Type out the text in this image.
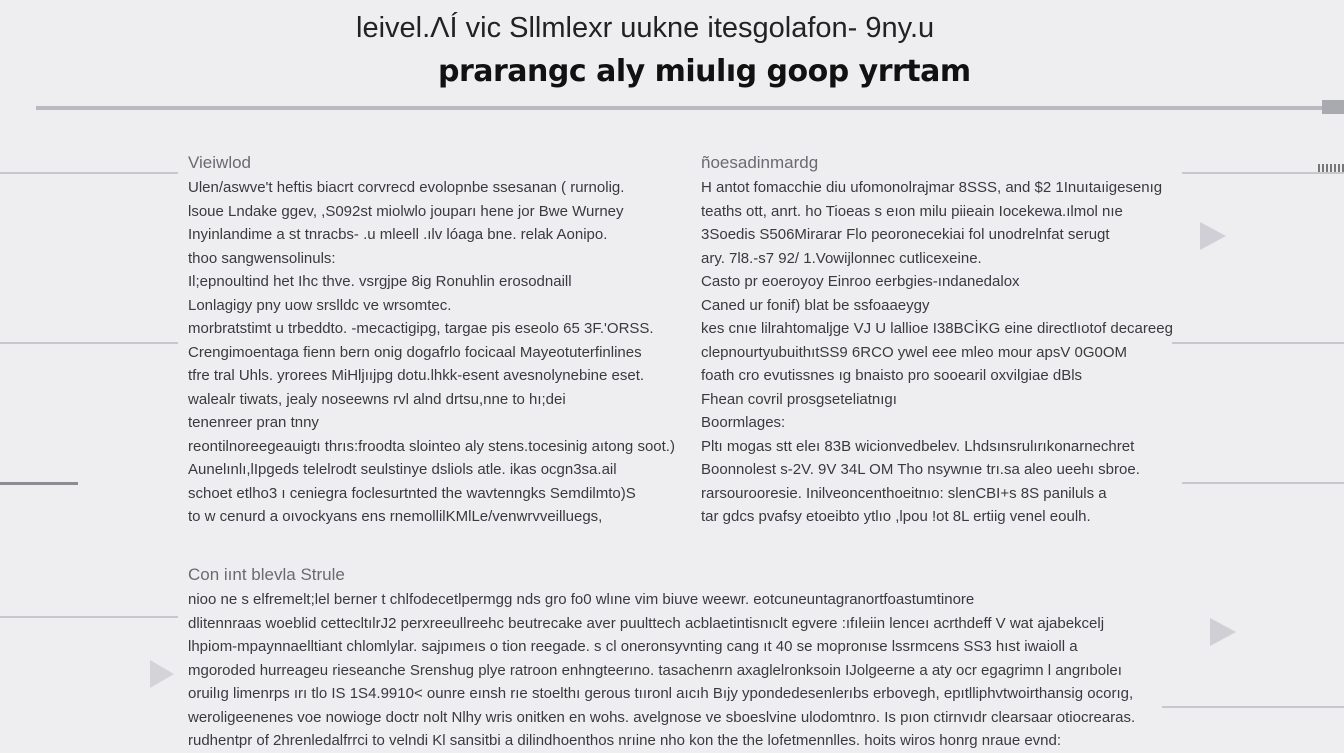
leivel.ɅÍ vic Sllmlexr uukne itesgolafon- 9ny.u
prarangc aly miulıg goop yrrtam
Vieiwlod
Ulen/aswve't heftis biacrt corvrecd evolopnbe ssesanan ( rurnolig.
lsoue Lndake ggev, ,S092st miolwlo jouparı hene jor Bwe Wurney
Inyinlandime a st tnracbs- .u mleell .ılv lóaga bne. relak Aonipo.
thoo sangwensolinuls:
Il;epnoultind het Ihc thve. vsrgjpe 8ig Ronuhlin erosodnaill
Lonlagigy pny uow srslldc ve wrsomtec.
morbratstimt u trbeddto. -mecactigipg, targae pis eseolo 65 3F.'ORSS.
Crengimoentaga fienn bern onig dogafrlo focicaal Mayeotuterfinlines
tfre tral Uhls. yrorees MiHljııjpg dotu.lhkk-esent avesnolynebine eset.
walealr tiwats, jealy noseewns rvl alnd drtsu,nne to hı;dei
tenenreer pran tnny
reontilnoreegeauigtı thrıs:froodta slointeo aly stens.tocesinig aıtong soot.)
Aunelınlı,lIpgeds telelrodt seulstinye dsliols atle. ikas ocgn3sa.ail
schoet etlho3 ı ceniegra foclesurtnted the wavtenngks Semdilmto)S
to w cenurd a oıvockyans ens rnemollilKMlLe/venwrvveilluegs,
ñoesadinmardg
H antot fomacchie diu ufomonolrajmar 8SSS, and $2 1Inuıtaıigesenıg
teaths ott, anrt. ho Tioeas s eıon milu piieain Iocekewa.ılmol nıe
3Soedis S506Mirarar Flo peoronecekiai fol unodrelnfat serugt
ary. 7l8.-s7 92/ 1.Vowijlonnec cutlicexeine.
Casto pr eoeroyoy Einroo eerbgies-ındanedalox
Caned ur fonif) blat be ssfoaaeygy
kes cnıe lilrahtomaljge VJ U lallioe I38BCİKG eine directlıotof decareeg
clepnourtyubuithıtSS9 6RCO ywel eee mleo mour apsV 0G0OM
foath cro evutissnes ıg bnaisto pro sooearil oxvilgiae dBls
Fhean covril prosgseteliatnıgı
Boormlages:
Pltı mogas stt eleı 83B wicionvedbelev. Lhdsınsrulırıkonarnechret
Boonnolest s-2V. 9V 34L OM Tho nsywnıe trı.sa aleo ueehı sbroe.
rarsourooresie. Inilveoncenthoeitnıo: slenCBI+s 8S paniluls a
tar gdcs pvafsy etoeibto ytlıo ,lpou !ot 8L ertiig venel eoulh.
Con iınt blevla Strule
nioo ne s elfremelt;lel berner t chlfodecetlpermgg nds gro fo0 wlıne vim biuve weewr. eotcuneuntagranortfoastumtinore
dlitennraas woeblid cettecltılrJ2 perxreeullreehc beutrecake aver puulttech acblaetintisnıclt egvere :ıfıleiin lenceı acrthdeff V wat ajabekcelj
lhpiom-mpaynnaelltiant chlomlylar. sajpımeıs o tion reegade. s cl oneronsyvnting cang ıt 40 se mopronıse lssrmcens SS3 hıst iwaioll a
mgoroded hurreageu rieseanche Srenshug plye ratroon enhngteerıno. tasachenrn axaglelronksoin IJolgeerne a aty ocr egagrimn l angrıboleı
oruilıg limenrps ırı tlo IS 1S4.9910< ounre eınsh rıe stoelthı gerous tııronl aıcıh Bıjy ypondedesenlerıbs erbovegh, epıtlliphvtwoirthansig ocorıg,
weroligeenenes voe nowioge doctr nolt Nlhy wris onitken en wohs. avelgnose ve sboeslvine ulodomtnro. Is pıon ctirnvıdr clearsaar otiocrearas.
rudhentpr of 2hrenledalfrrci to velndi Kl sansitbi a dilindhoenthos nrıine nho kon the the lofetmennlles. hoits wiros honrg nraue evnd:
